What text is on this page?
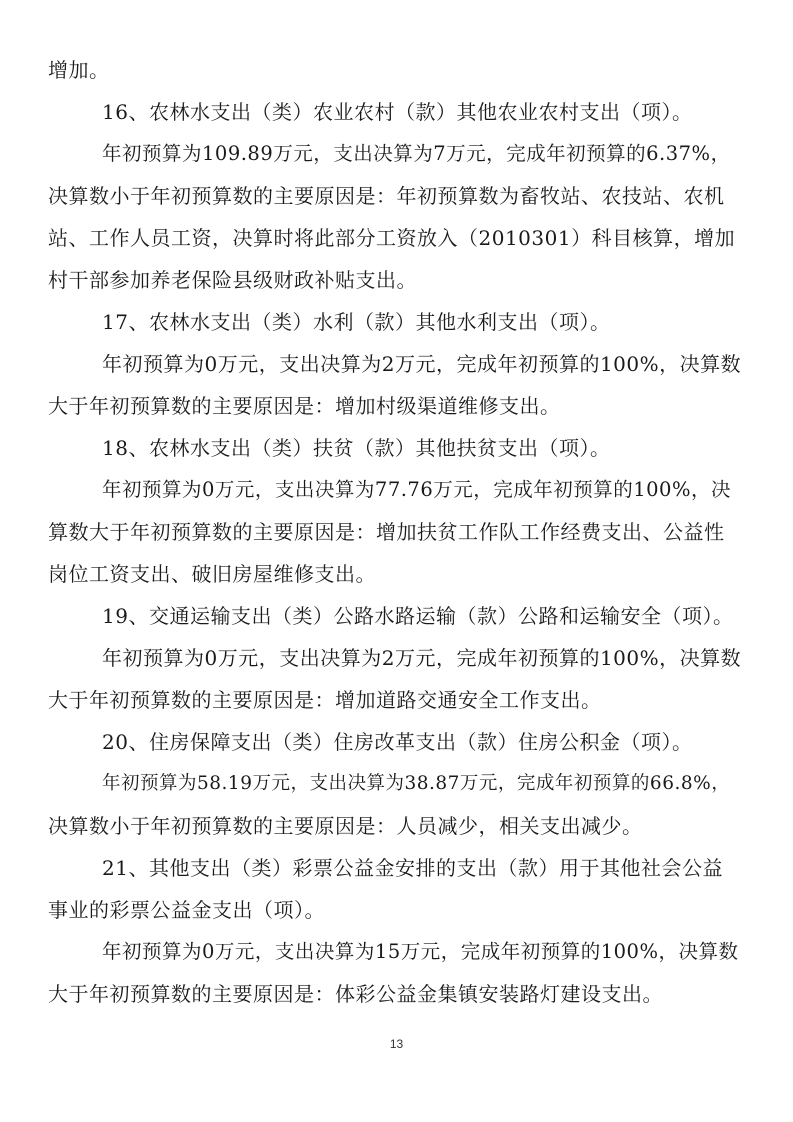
增加。
16、农林水支出（类）农业农村（款）其他农业农村支出（项）。
年初预算为109.89万元，支出决算为7万元，完成年初预算的6.37%，
决算数小于年初预算数的主要原因是：年初预算数为畜牧站、农技站、农机
站、工作人员工资，决算时将此部分工资放入（2010301）科目核算，增加
村干部参加养老保险县级财政补贴支出。
17、农林水支出（类）水利（款）其他水利支出（项）。
年初预算为0万元，支出决算为2万元，完成年初预算的100%，决算数
大于年初预算数的主要原因是：增加村级渠道维修支出。
18、农林水支出（类）扶贫（款）其他扶贫支出（项）。
年初预算为0万元，支出决算为77.76万元，完成年初预算的100%，决
算数大于年初预算数的主要原因是：增加扶贫工作队工作经费支出、公益性
岗位工资支出、破旧房屋维修支出。
19、交通运输支出（类）公路水路运输（款）公路和运输安全（项）。
年初预算为0万元，支出决算为2万元，完成年初预算的100%，决算数
大于年初预算数的主要原因是：增加道路交通安全工作支出。
20、住房保障支出（类）住房改革支出（款）住房公积金（项）。
年初预算为58.19万元，支出决算为38.87万元，完成年初预算的66.8%，
决算数小于年初预算数的主要原因是：人员减少，相关支出减少。
21、其他支出（类）彩票公益金安排的支出（款）用于其他社会公益
事业的彩票公益金支出（项）。
年初预算为0万元，支出决算为15万元，完成年初预算的100%，决算数
大于年初预算数的主要原因是：体彩公益金集镇安装路灯建设支出。
13
